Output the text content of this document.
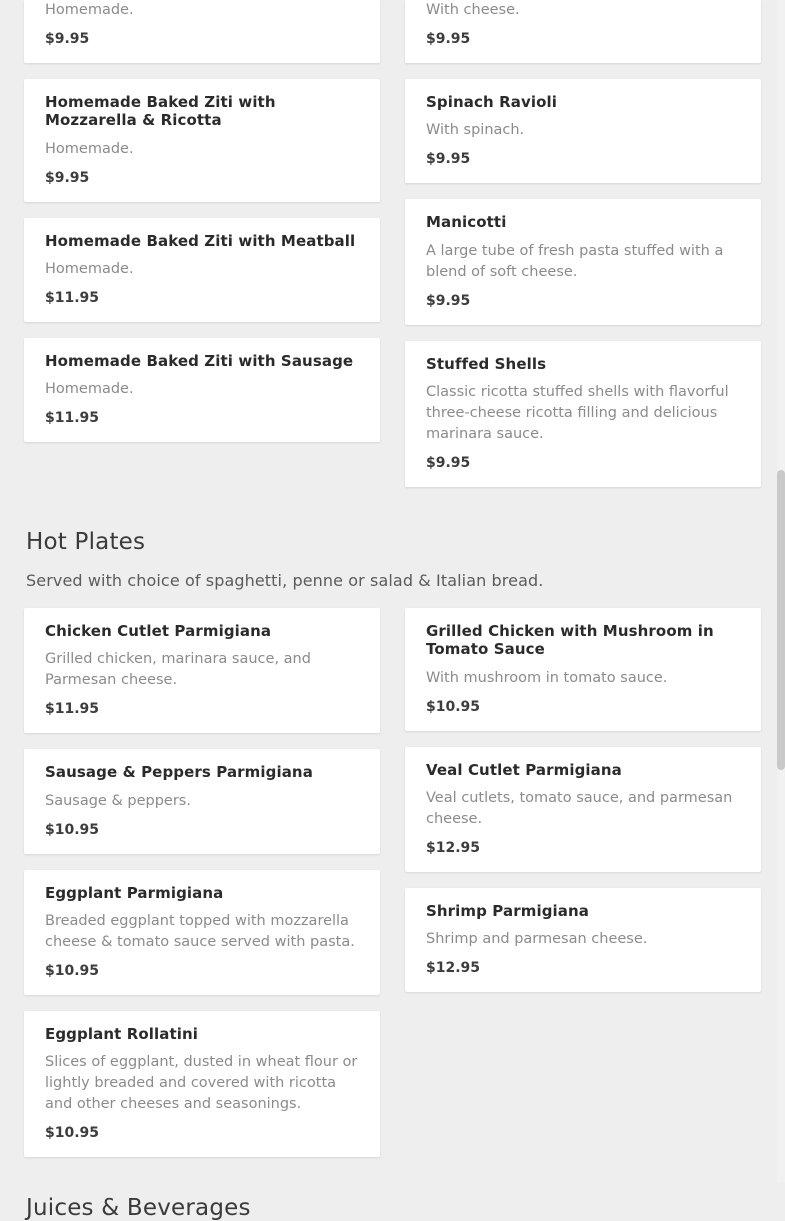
Homemade.
$9.95
Homemade Baked Ziti with Mozzarella & Ricotta
Homemade.
$9.95
Homemade Baked Ziti with Meatball
Homemade.
$11.95
Homemade Baked Ziti with Sausage
Homemade.
$11.95
With cheese.
$9.95
Spinach Ravioli
With spinach.
$9.95
Manicotti
A large tube of fresh pasta stuffed with a blend of soft cheese.
$9.95
Stuffed Shells
Classic ricotta stuffed shells with flavorful three-cheese ricotta filling and delicious marinara sauce.
$9.95
Hot Plates

Served with choice of spaghetti, penne or salad & Italian bread.

Chicken Cutlet Parmigiana
Grilled chicken, marinara sauce, and Parmesan cheese.
$11.95
Sausage & Peppers Parmigiana
Sausage & peppers.
$10.95
Eggplant Parmigiana
Breaded eggplant topped with mozzarella cheese & tomato sauce served with pasta.
$10.95
Eggplant Rollatini
Slices of eggplant, dusted in wheat flour or lightly breaded and covered with ricotta and other cheeses and seasonings.
$10.95
Grilled Chicken with Mushroom in Tomato Sauce
With mushroom in tomato sauce.
$10.95
Veal Cutlet Parmigiana
Veal cutlets, tomato sauce, and parmesan cheese.
$12.95
Shrimp Parmigiana
Shrimp and parmesan cheese.
$12.95
Juices & Beverages
